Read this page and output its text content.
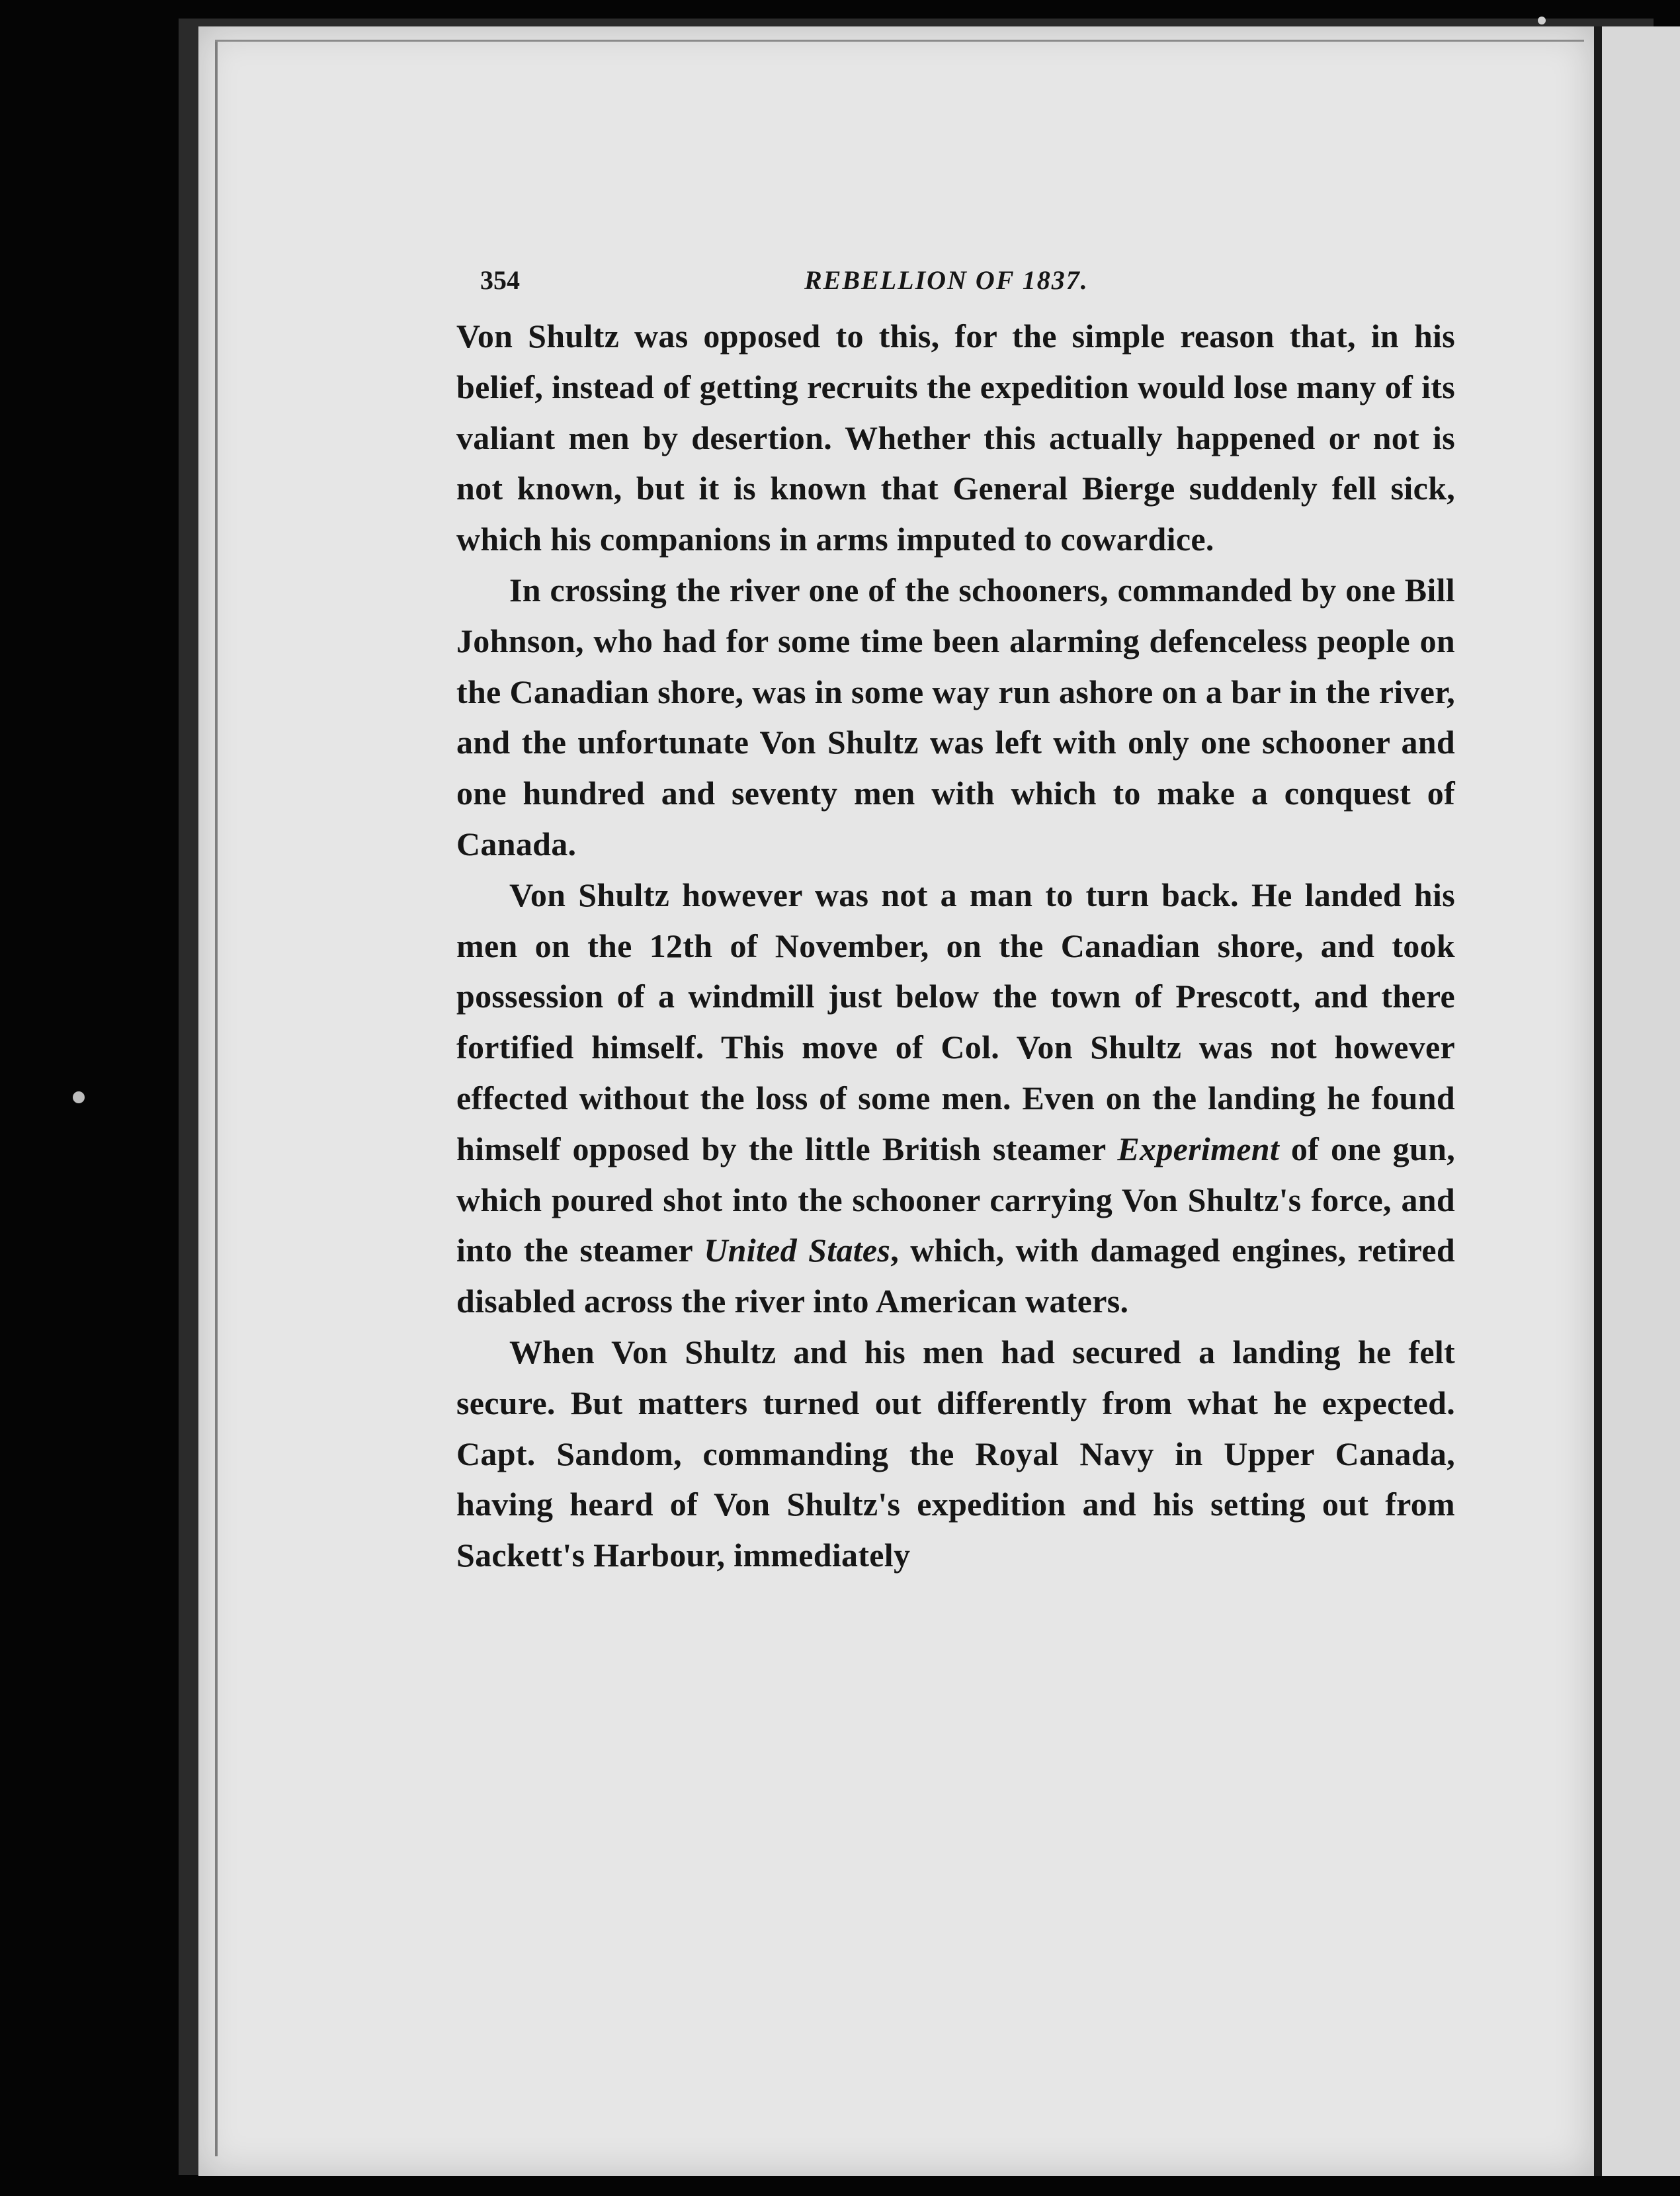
354	REBELLION OF 1837.

Von Shultz was opposed to this, for the simple reason that, in his belief, instead of getting recruits the expedition would lose many of its valiant men by desertion. Whether this actually happened or not is not known, but it is known that General Bierge suddenly fell sick, which his companions in arms imputed to cowardice.

In crossing the river one of the schooners, commanded by one Bill Johnson, who had for some time been alarming defenceless people on the Canadian shore, was in some way run ashore on a bar in the river, and the unfortunate Von Shultz was left with only one schooner and one hundred and seventy men with which to make a conquest of Canada.

Von Shultz however was not a man to turn back. He landed his men on the 12th of November, on the Canadian shore, and took possession of a windmill just below the town of Prescott, and there fortified himself. This move of Col. Von Shultz was not however effected without the loss of some men. Even on the landing he found himself opposed by the little British steamer Experiment of one gun, which poured shot into the schooner carrying Von Shultz's force, and into the steamer United States, which, with damaged engines, retired disabled across the river into American waters.

When Von Shultz and his men had secured a landing he felt secure. But matters turned out differently from what he expected. Capt. Sandom, commanding the Royal Navy in Upper Canada, having heard of Von Shultz's expedition and his setting out from Sackett's Harbour, immediately
